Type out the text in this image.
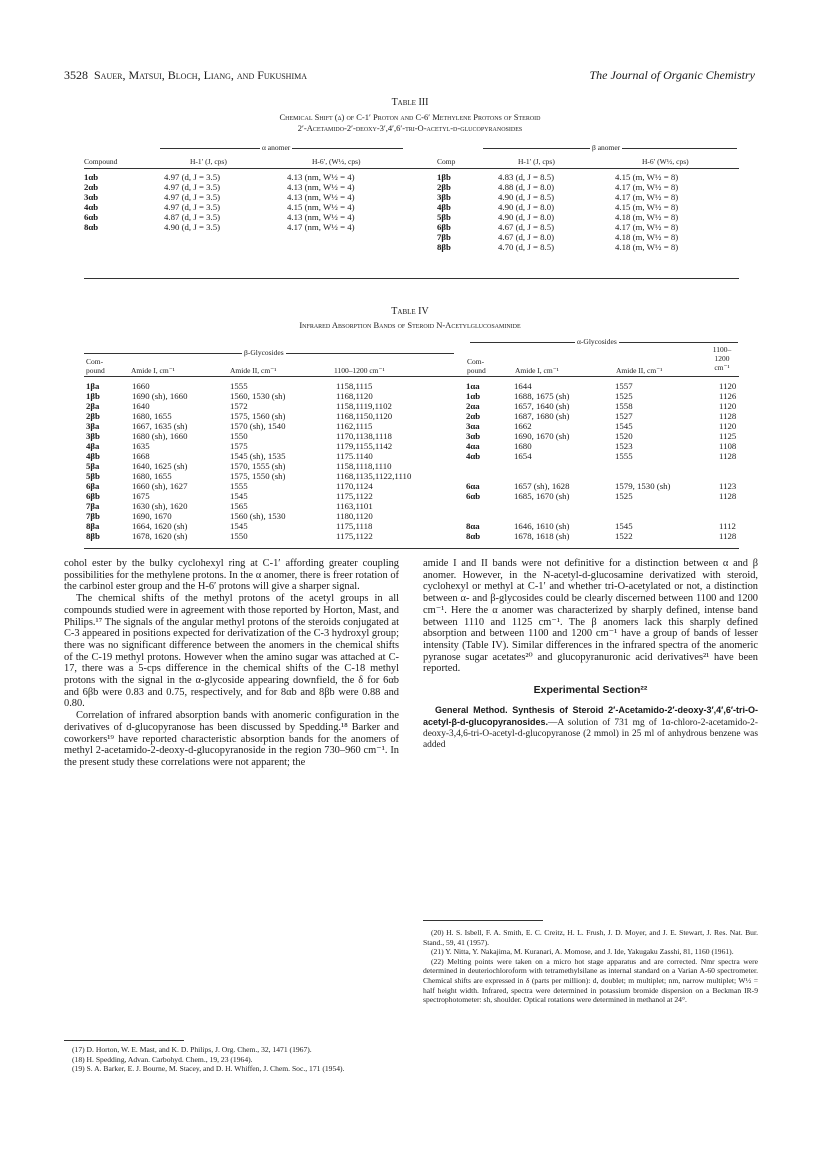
3528 Sauer, Matsui, Bloch, Liang, and Fukushima	The Journal of Organic Chemistry
Table III
Chemical Shift (δ) of C-1′ Proton and C-6′ Methylene Protons of Steroid
2′-Acetamido-2′-deoxy-3′,4′,6′-tri-O-acetyl-d-glucopyranosides
α anomer	β anomer
Compound	H-1′ (J, cps)	H-6′, (W½, cps)	Comp	H-1′ (J, cps)	H-6′ (W½, cps)
1αb	4.97 (d, J = 3.5)	4.13 (nm, W½ = 4)	1βb	4.83 (d, J = 8.5)	4.15 (m, W½ = 8)
2αb	4.97 (d, J = 3.5)	4.13 (nm, W½ = 4)	2βb	4.88 (d, J = 8.0)	4.17 (m, W½ = 8)
3αb	4.97 (d, J = 3.5)	4.13 (nm, W½ = 4)	3βb	4.90 (d, J = 8.5)	4.17 (m, W½ = 8)
4αb	4.97 (d, J = 3.5)	4.15 (nm, W½ = 4)	4βb	4.90 (d, J = 8.0)	4.15 (m, W½ = 8)
6αb	4.87 (d, J = 3.5)	4.13 (nm, W½ = 4)	5βb	4.90 (d, J = 8.0)	4.18 (m, W½ = 8)
8αb	4.90 (d, J = 3.5)	4.17 (nm, W½ = 4)	6βb	4.67 (d, J = 8.5)	4.17 (m, W½ = 8)
			7βb	4.67 (d, J = 8.0)	4.18 (m, W½ = 8)
			8βb	4.70 (d, J = 8.5)	4.18 (m, W½ = 8)
Table IV
Infrared Absorption Bands of Steroid N-Acetylglucosaminide
α-Glycosides
β-Glycosides
Com-
pound	Amide I, cm⁻¹	Amide II, cm⁻¹	1100–1200 cm⁻¹
Com-
pound	Amide I, cm⁻¹	Amide II, cm⁻¹
1100–
1200
cm⁻¹
1βa	1660	1555	1158,1115	1αa	1644	1557	1120
1βb	1690 (sh), 1660	1560, 1530 (sh)	1168,1120	1αb	1688, 1675 (sh)	1525	1126
2βa	1640	1572	1158,1119,1102	2αa	1657, 1640 (sh)	1558	1120
2βb	1680, 1655	1575, 1560 (sh)	1168,1150,1120	2αb	1687, 1680 (sh)	1527	1128
3βa	1667, 1635 (sh)	1570 (sh), 1540	1162,1115	3αa	1662	1545	1120
3βb	1680 (sh), 1660	1550	1170,1138,1118	3αb	1690, 1670 (sh)	1520	1125
4βa	1635	1575	1179,1155,1142	4αa	1680	1523	1108
4βb	1668	1545 (sh), 1535	1175.1140	4αb	1654	1555	1128
5βa	1640, 1625 (sh)	1570, 1555 (sh)	1158,1118,1110				
5βb	1680, 1655	1575, 1550 (sh)	1168,1135,1122,1110				
6βa	1660 (sh), 1627	1555	1170,1124	6αa	1657 (sh), 1628	1579, 1530 (sh)	1123
6βb	1675	1545	1175,1122	6αb	1685, 1670 (sh)	1525	1128
7βa	1630 (sh), 1620	1565	1163,1101				
7βb	1690, 1670	1560 (sh), 1530	1180,1120				
8βa	1664, 1620 (sh)	1545	1175,1118	8αa	1646, 1610 (sh)	1545	1112
8βb	1678, 1620 (sh)	1550	1175,1122	8αb	1678, 1618 (sh)	1522	1128

cohol ester by the bulky cyclohexyl ring at C-1′ affording greater coupling possibilities for the methylene protons. In the α anomer, there is freer rotation of the carbinol ester group and the H-6′ protons will give a sharper signal.

The chemical shifts of the methyl protons of the acetyl groups in all compounds studied were in agreement with those reported by Horton, Mast, and Philips.¹⁷ The signals of the angular methyl protons of the steroids conjugated at C-3 appeared in positions expected for derivatization of the C-3 hydroxyl group; there was no significant difference between the anomers in the chemical shifts of the C-19 methyl protons. However when the amino sugar was attached at C-17, there was a 5-cps difference in the chemical shifts of the C-18 methyl protons with the signal in the α-glycoside appearing downfield, the δ for 6αb and 6βb were 0.83 and 0.75, respectively, and for 8αb and 8βb were 0.88 and 0.80.

Correlation of infrared absorption bands with anomeric configuration in the derivatives of d-glucopyranose has been discussed by Spedding.¹⁸ Barker and coworkers¹⁹ have reported characteristic absorption bands for the anomers of methyl 2-acetamido-2-deoxy-d-glucopyranoside in the region 730–960 cm⁻¹. In the present study these correlations were not apparent; the

amide I and II bands were not definitive for a distinction between α and β anomer. However, in the N-acetyl-d-glucosamine derivatized with steroid, cyclohexyl or methyl at C-1′ and whether tri-O-acetylated or not, a distinction between α- and β-glycosides could be clearly discerned between 1100 and 1200 cm⁻¹. Here the α anomer was characterized by sharply defined, intense band between 1110 and 1125 cm⁻¹. The β anomers lack this sharply defined absorption and between 1100 and 1200 cm⁻¹ have a group of bands of lesser intensity (Table IV). Similar differences in the infrared spectra of the anomeric pyranose sugar acetates²⁰ and glucopyranuronic acid derivatives²¹ have been reported.

Experimental Section²²

General Method. Synthesis of Steroid 2′-Acetamido-2′-deoxy-3′,4′,6′-tri-O-acetyl-β-d-glucopyranosides.—A solution of 731 mg of 1α-chloro-2-acetamido-2-deoxy-3,4,6-tri-O-acetyl-d-glucopyranose (2 mmol) in 25 ml of anhydrous benzene was added

(17) D. Horton, W. E. Mast, and K. D. Philips, J. Org. Chem., 32, 1471 (1967).

(18) H. Spedding, Advan. Carbohyd. Chem., 19, 23 (1964).

(19) S. A. Barker, E. J. Bourne, M. Stacey, and D. H. Whiffen, J. Chem. Soc., 171 (1954).

(20) H. S. Isbell, F. A. Smith, E. C. Creitz, H. L. Frush, J. D. Moyer, and J. E. Stewart, J. Res. Nat. Bur. Stand., 59, 41 (1957).

(21) Y. Nitta, Y. Nakajima, M. Kuranari, A. Momose, and J. Ide, Yakugaku Zasshi, 81, 1160 (1961).

(22) Melting points were taken on a micro hot stage apparatus and are corrected. Nmr spectra were determined in deuteriochloroform with tetramethylsilane as internal standard on a Varian A-60 spectrometer. Chemical shifts are expressed in δ (parts per million): d, doublet; m multiplet; nm, narrow multiplet; W½ = half height width. Infrared, spectra were determined in potassium bromide dispersion on a Beckman IR-9 spectrophotometer: sh, shoulder. Optical rotations were determined in methanol at 24°.
